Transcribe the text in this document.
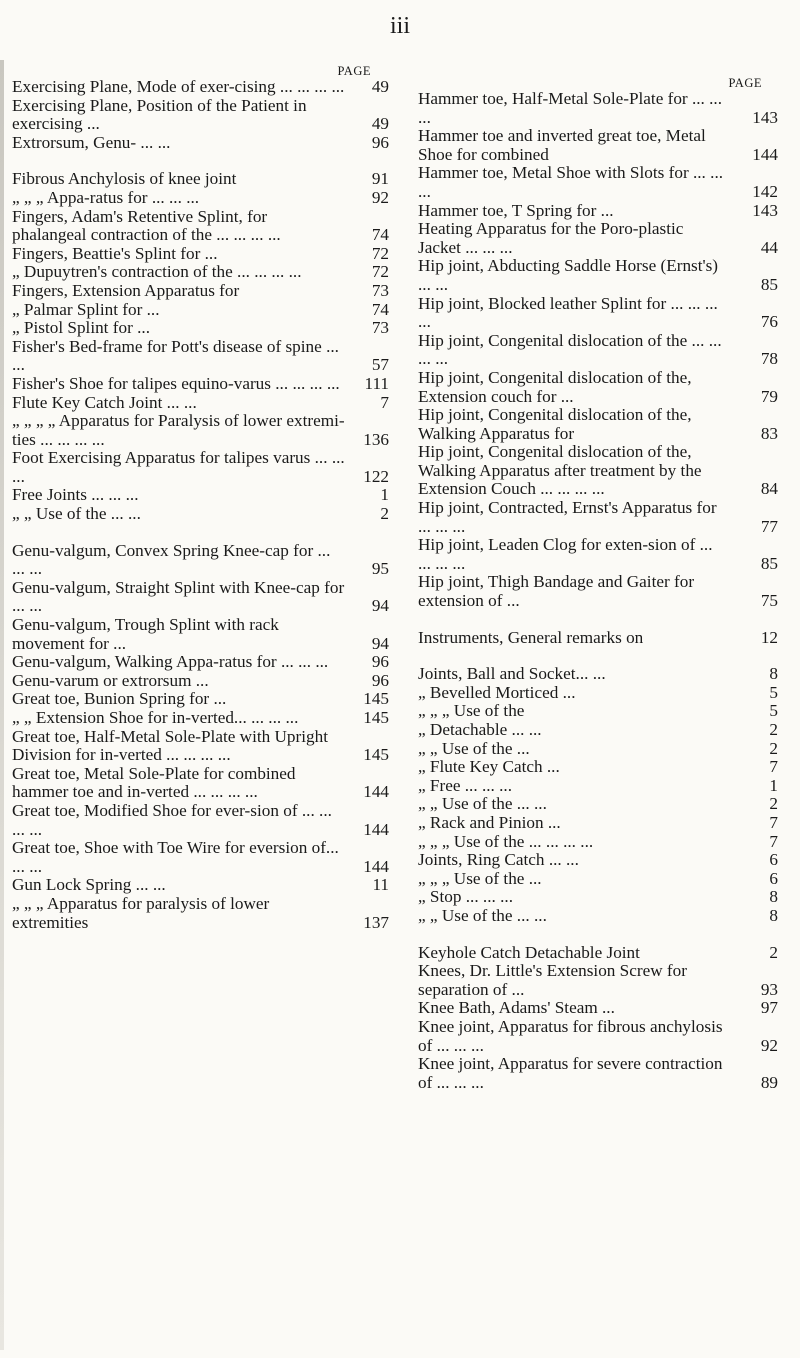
iii
PAGE
Exercising Plane, Mode of exer-cising ... ... ... ... 49
Exercising Plane, Position of the Patient in exercising ...	49
Extrorsum, Genu- ... ...	96
Fibrous Anchylosis of knee joint	91
„ „ „ Appa-ratus for ... ... ...	92
Fingers, Adam's Retentive Splint, for phalangeal contraction of the ... ... ... ...	74
Fingers, Beattie's Splint for ...	72
„ Dupuytren's contraction of the ... ... ... ...	72
Fingers, Extension Apparatus for	73
„ Palmar Splint for ...	74
„ Pistol Splint for ...	73
Fisher's Bed-frame for Pott's disease of spine ... ...	57
Fisher's Shoe for talipes equino-varus ... ... ... ... 111
Flute Key Catch Joint ... ...	7
„ „ „ „ Apparatus for Paralysis of lower extremi-ties ... ... ... ...	136
Foot Exercising Apparatus for talipes varus ... ... ...	122
Free Joints ... ... ...	1
„ „ Use of the ... ...	2
Genu-valgum, Convex Spring Knee-cap for ... ... ...	95
Genu-valgum, Straight Splint with Knee-cap for ... ...	94
Genu-valgum, Trough Splint with rack movement for ...	94
Genu-valgum, Walking Appa-ratus for ... ... ...	96
Genu-varum or extrorsum ...	96
Great toe, Bunion Spring for ...	145
„ „ Extension Shoe for in-verted... ... ... ...	145
Great toe, Half-Metal Sole-Plate with Upright Division for in-verted ... ... ... ...	145
Great toe, Metal Sole-Plate for combined hammer toe and in-verted ... ... ... ...	144
Great toe, Modified Shoe for ever-sion of ... ... ... ...	144
Great toe, Shoe with Toe Wire for eversion of... ... ...	144
Gun Lock Spring ... ...	11
„ „ „ Apparatus for paralysis of lower extremities	137
PAGE
Hammer toe, Half-Metal Sole-Plate for ... ... ...	143
Hammer toe and inverted great toe, Metal Shoe for combined	144
Hammer toe, Metal Shoe with Slots for ... ... ...	142
Hammer toe, T Spring for ...	143
Heating Apparatus for the Poro-plastic Jacket ... ... ...	44
Hip joint, Abducting Saddle Horse (Ernst's) ... ...	85
Hip joint, Blocked leather Splint for ... ... ... ...	76
Hip joint, Congenital dislocation of the ... ... ... ...	78
Hip joint, Congenital dislocation of the, Extension couch for ...	79
Hip joint, Congenital dislocation of the, Walking Apparatus for	83
Hip joint, Congenital dislocation of the, Walking Apparatus after treatment by the Extension Couch ... ... ... ...	84
Hip joint, Contracted, Ernst's Apparatus for ... ... ...	77
Hip joint, Leaden Clog for exten-sion of ... ... ... ...	85
Hip joint, Thigh Bandage and Gaiter for extension of ...	75
Instruments, General remarks on	12
Joints, Ball and Socket... ...	8
„ Bevelled Morticed ...	5
„ „ „ Use of the	5
„ Detachable ... ...	2
„ „ Use of the ...	2
„ Flute Key Catch ...	7
„ Free ... ... ...	1
„ „ Use of the ... ...	2
„ Rack and Pinion ...	7
„ „ „ Use of the ... ... ... ...	7
Joints, Ring Catch ... ...	6
„ „ „ Use of the ...	6
„ Stop ... ... ...	8
„ „ Use of the ... ...	8
Keyhole Catch Detachable Joint	2
Knees, Dr. Little's Extension Screw for separation of ...	93
Knee Bath, Adams' Steam ...	97
Knee joint, Apparatus for fibrous anchylosis of ... ... ...	92
Knee joint, Apparatus for severe contraction of ... ... ...	89
